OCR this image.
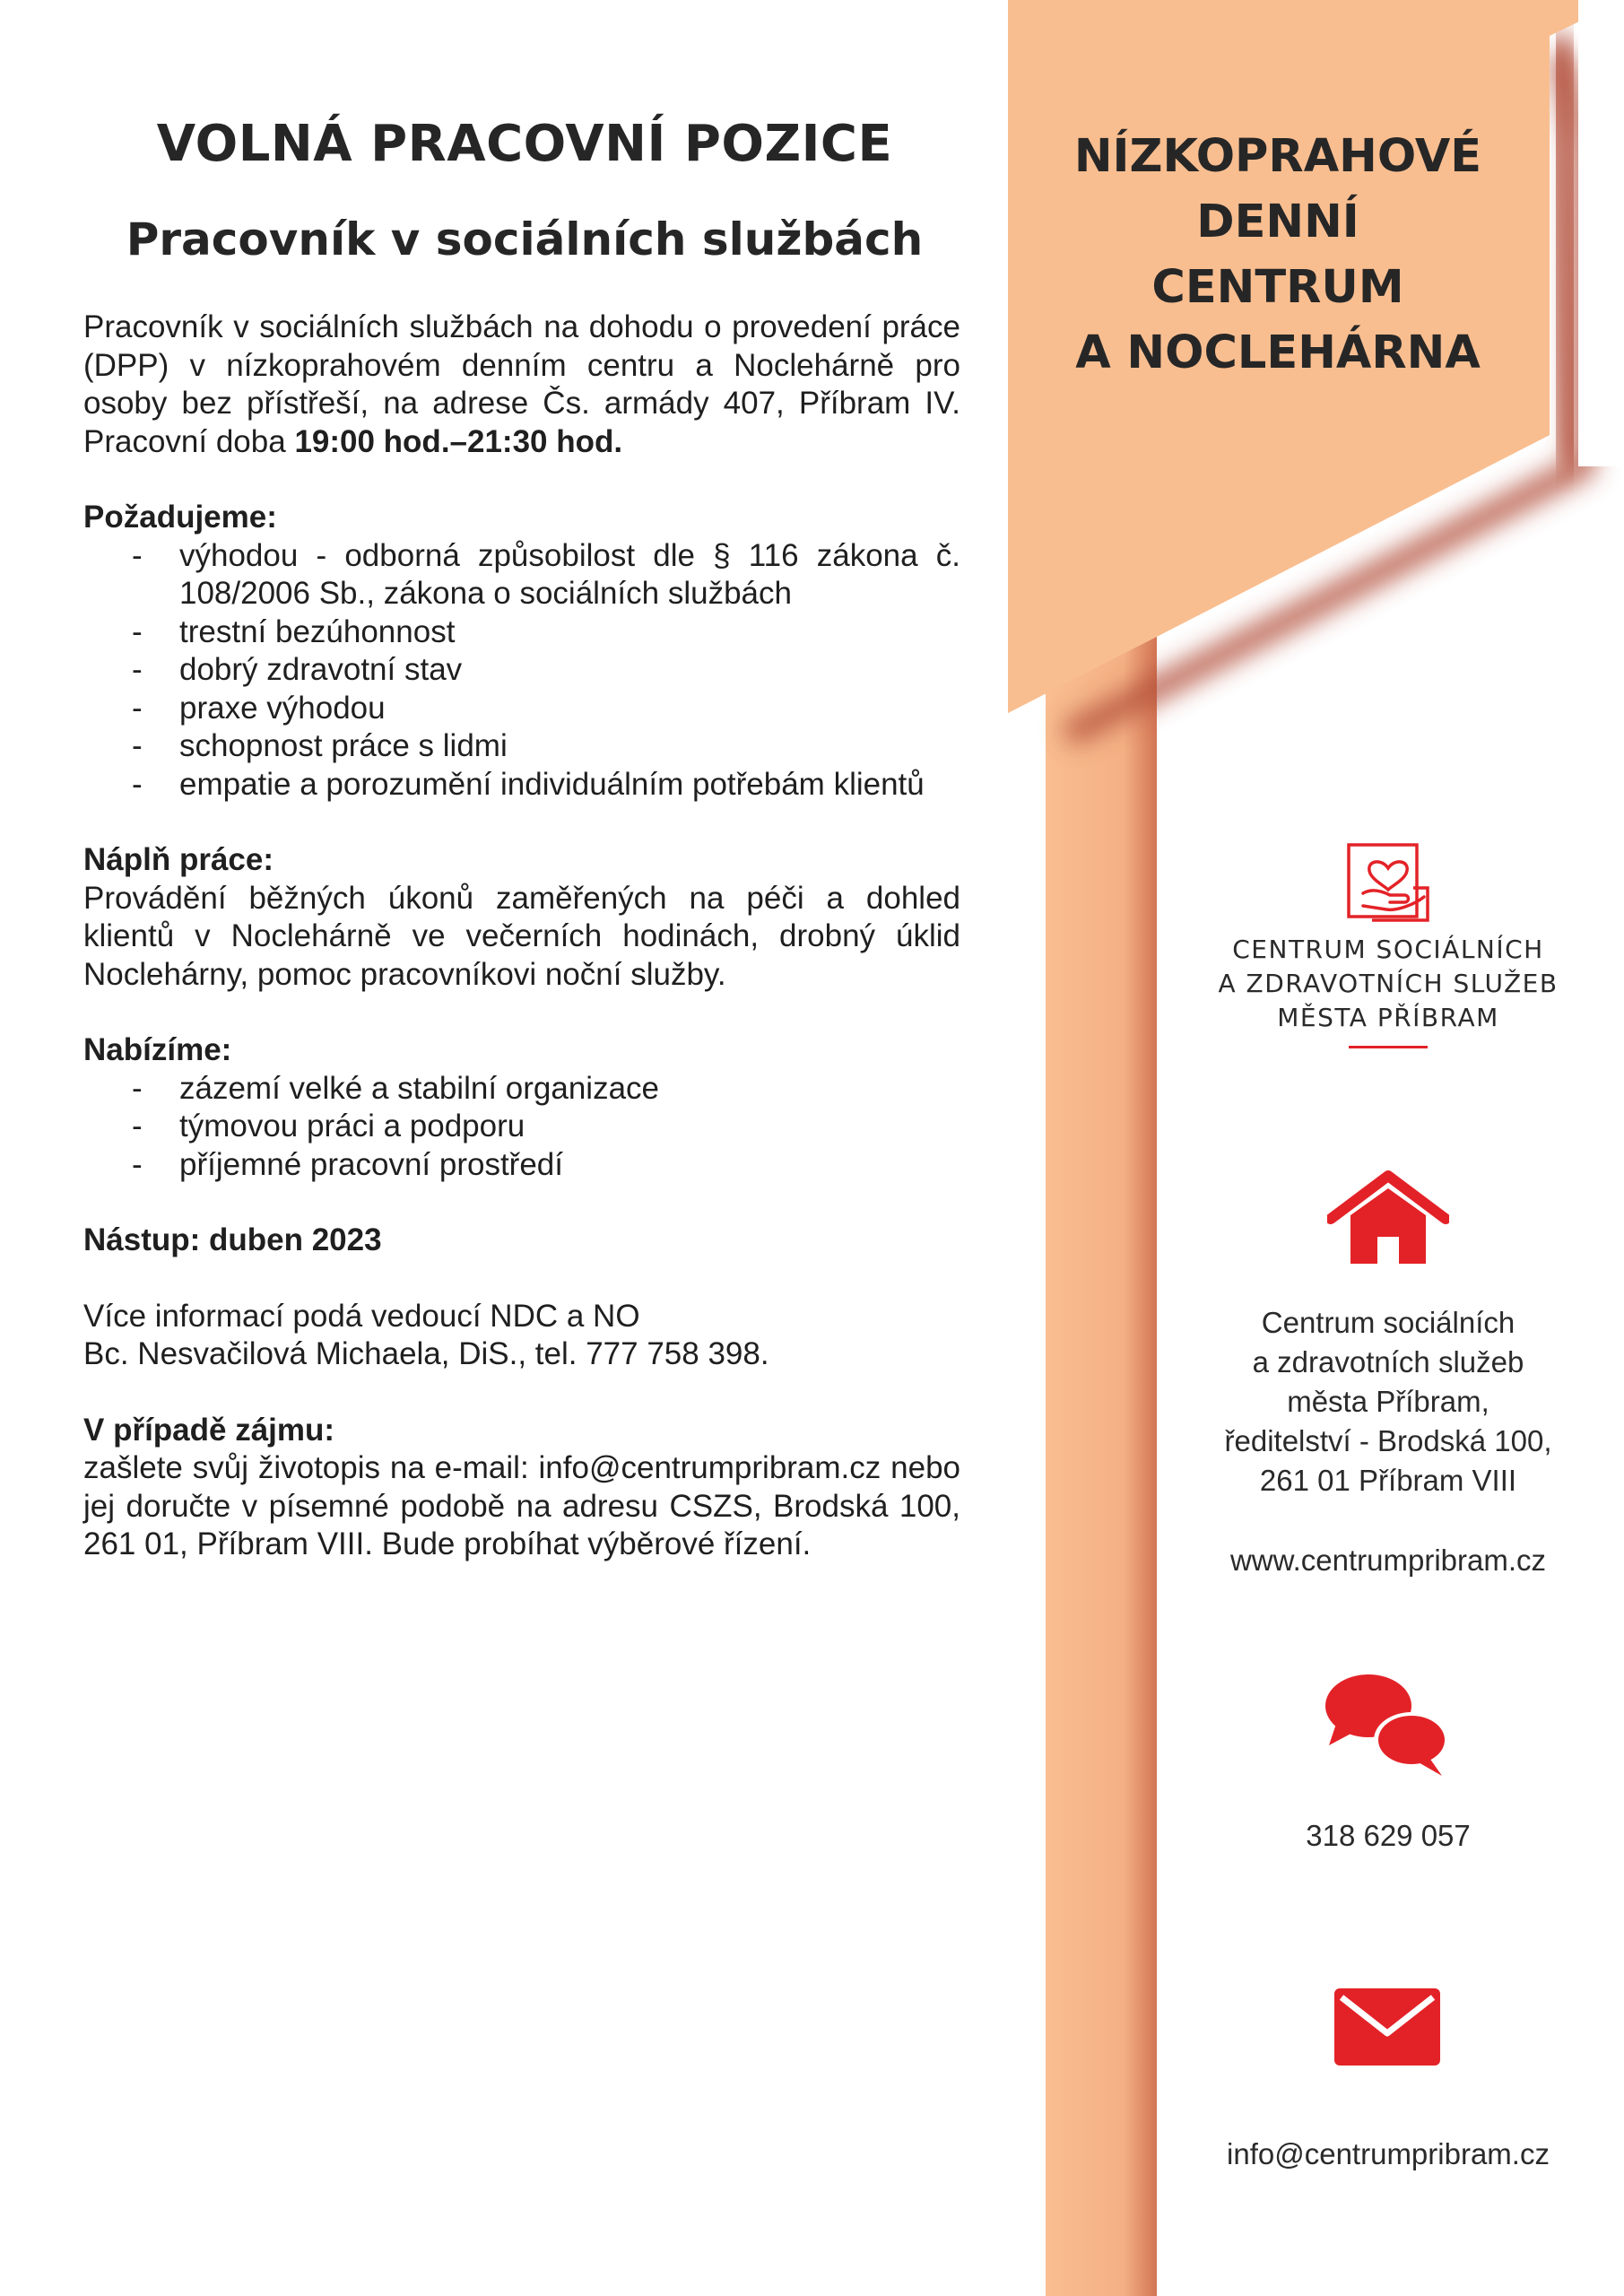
VOLNÁ PRACOVNÍ POZICE
Pracovník v sociálních službách

Pracovník v sociálních službách na dohodu o provedení práce (DPP) v nízkoprahovém denním centru a Noclehárně pro osoby bez přístřeší, na adrese Čs. armády 407, Příbram IV. Pracovní doba 19:00 hod.–21:30 hod.

Požadujeme:

- výhodou - odborná způsobilost dle § 116 zákona č. 108/2006 Sb., zákona o sociálních službách
- trestní bezúhonnost
- dobrý zdravotní stav
- praxe výhodou
- schopnost práce s lidmi
- empatie a porozumění individuálním potřebám klientů

Náplň práce:

Provádění běžných úkonů zaměřených na péči a dohled klientů v Noclehárně ve večerních hodinách, drobný úklid Noclehárny, pomoc pracovníkovi noční služby.

Nabízíme:

- zázemí velké a stabilní organizace
- týmovou práci a podporu
- příjemné pracovní prostředí

Nástup: duben 2023

Více informací podá vedoucí NDC a NO

Bc. Nesvačilová Michaela, DiS., tel. 777 758 398.

V případě zájmu:

zašlete svůj životopis na e-mail: info@centrumpribram.cz nebo jej doručte v písemné podobě na adresu CSZS, Brodská 100, 261 01, Příbram VIII. Bude probíhat výběrové řízení.

NÍZKOPRAHOVÉ
DENNÍ
CENTRUM
A NOCLEHÁRNA
CENTRUM SOCIÁLNÍCH
A ZDRAVOTNÍCH SLUŽEB
MĚSTA PŘÍBRAM
Centrum sociálních
a zdravotních služeb
města Příbram,
ředitelství - Brodská 100,
261 01 Příbram VIII
www.centrumpribram.cz
318 629 057
info@centrumpribram.cz
